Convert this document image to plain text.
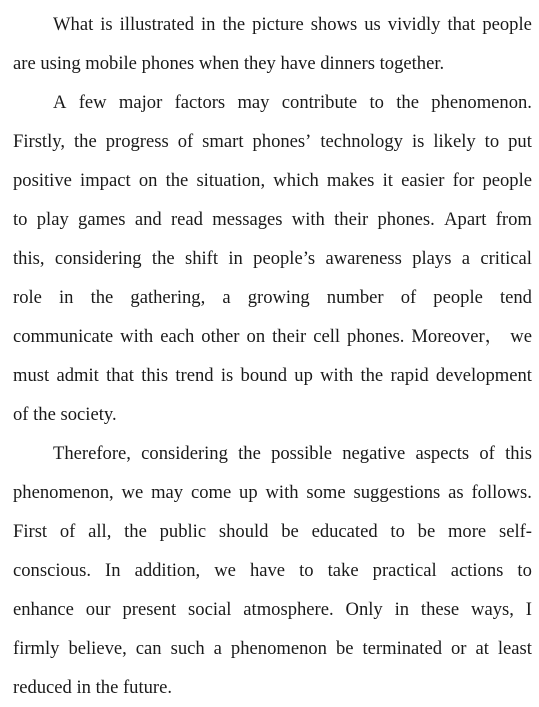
What is illustrated in the picture shows us vividly that people
are using mobile phones when they have dinners together.
A few major factors may contribute to the phenomenon.
Firstly, the progress of smart phones’ technology is likely to put
positive impact on the situation, which makes it easier for people
to play games and read messages with their phones. Apart from
this, considering the shift in people’s awareness plays a critical
role in the gathering, a growing number of people tend
communicate with each other on their cell phones. Moreover， we
must admit that this trend is bound up with the rapid development
of the society.
Therefore, considering the possible negative aspects of this
phenomenon, we may come up with some suggestions as follows.
First of all, the public should be educated to be more self-
conscious. In addition, we have to take practical actions to
enhance our present social atmosphere. Only in these ways, I
firmly believe, can such a phenomenon be terminated or at least
reduced in the future.
